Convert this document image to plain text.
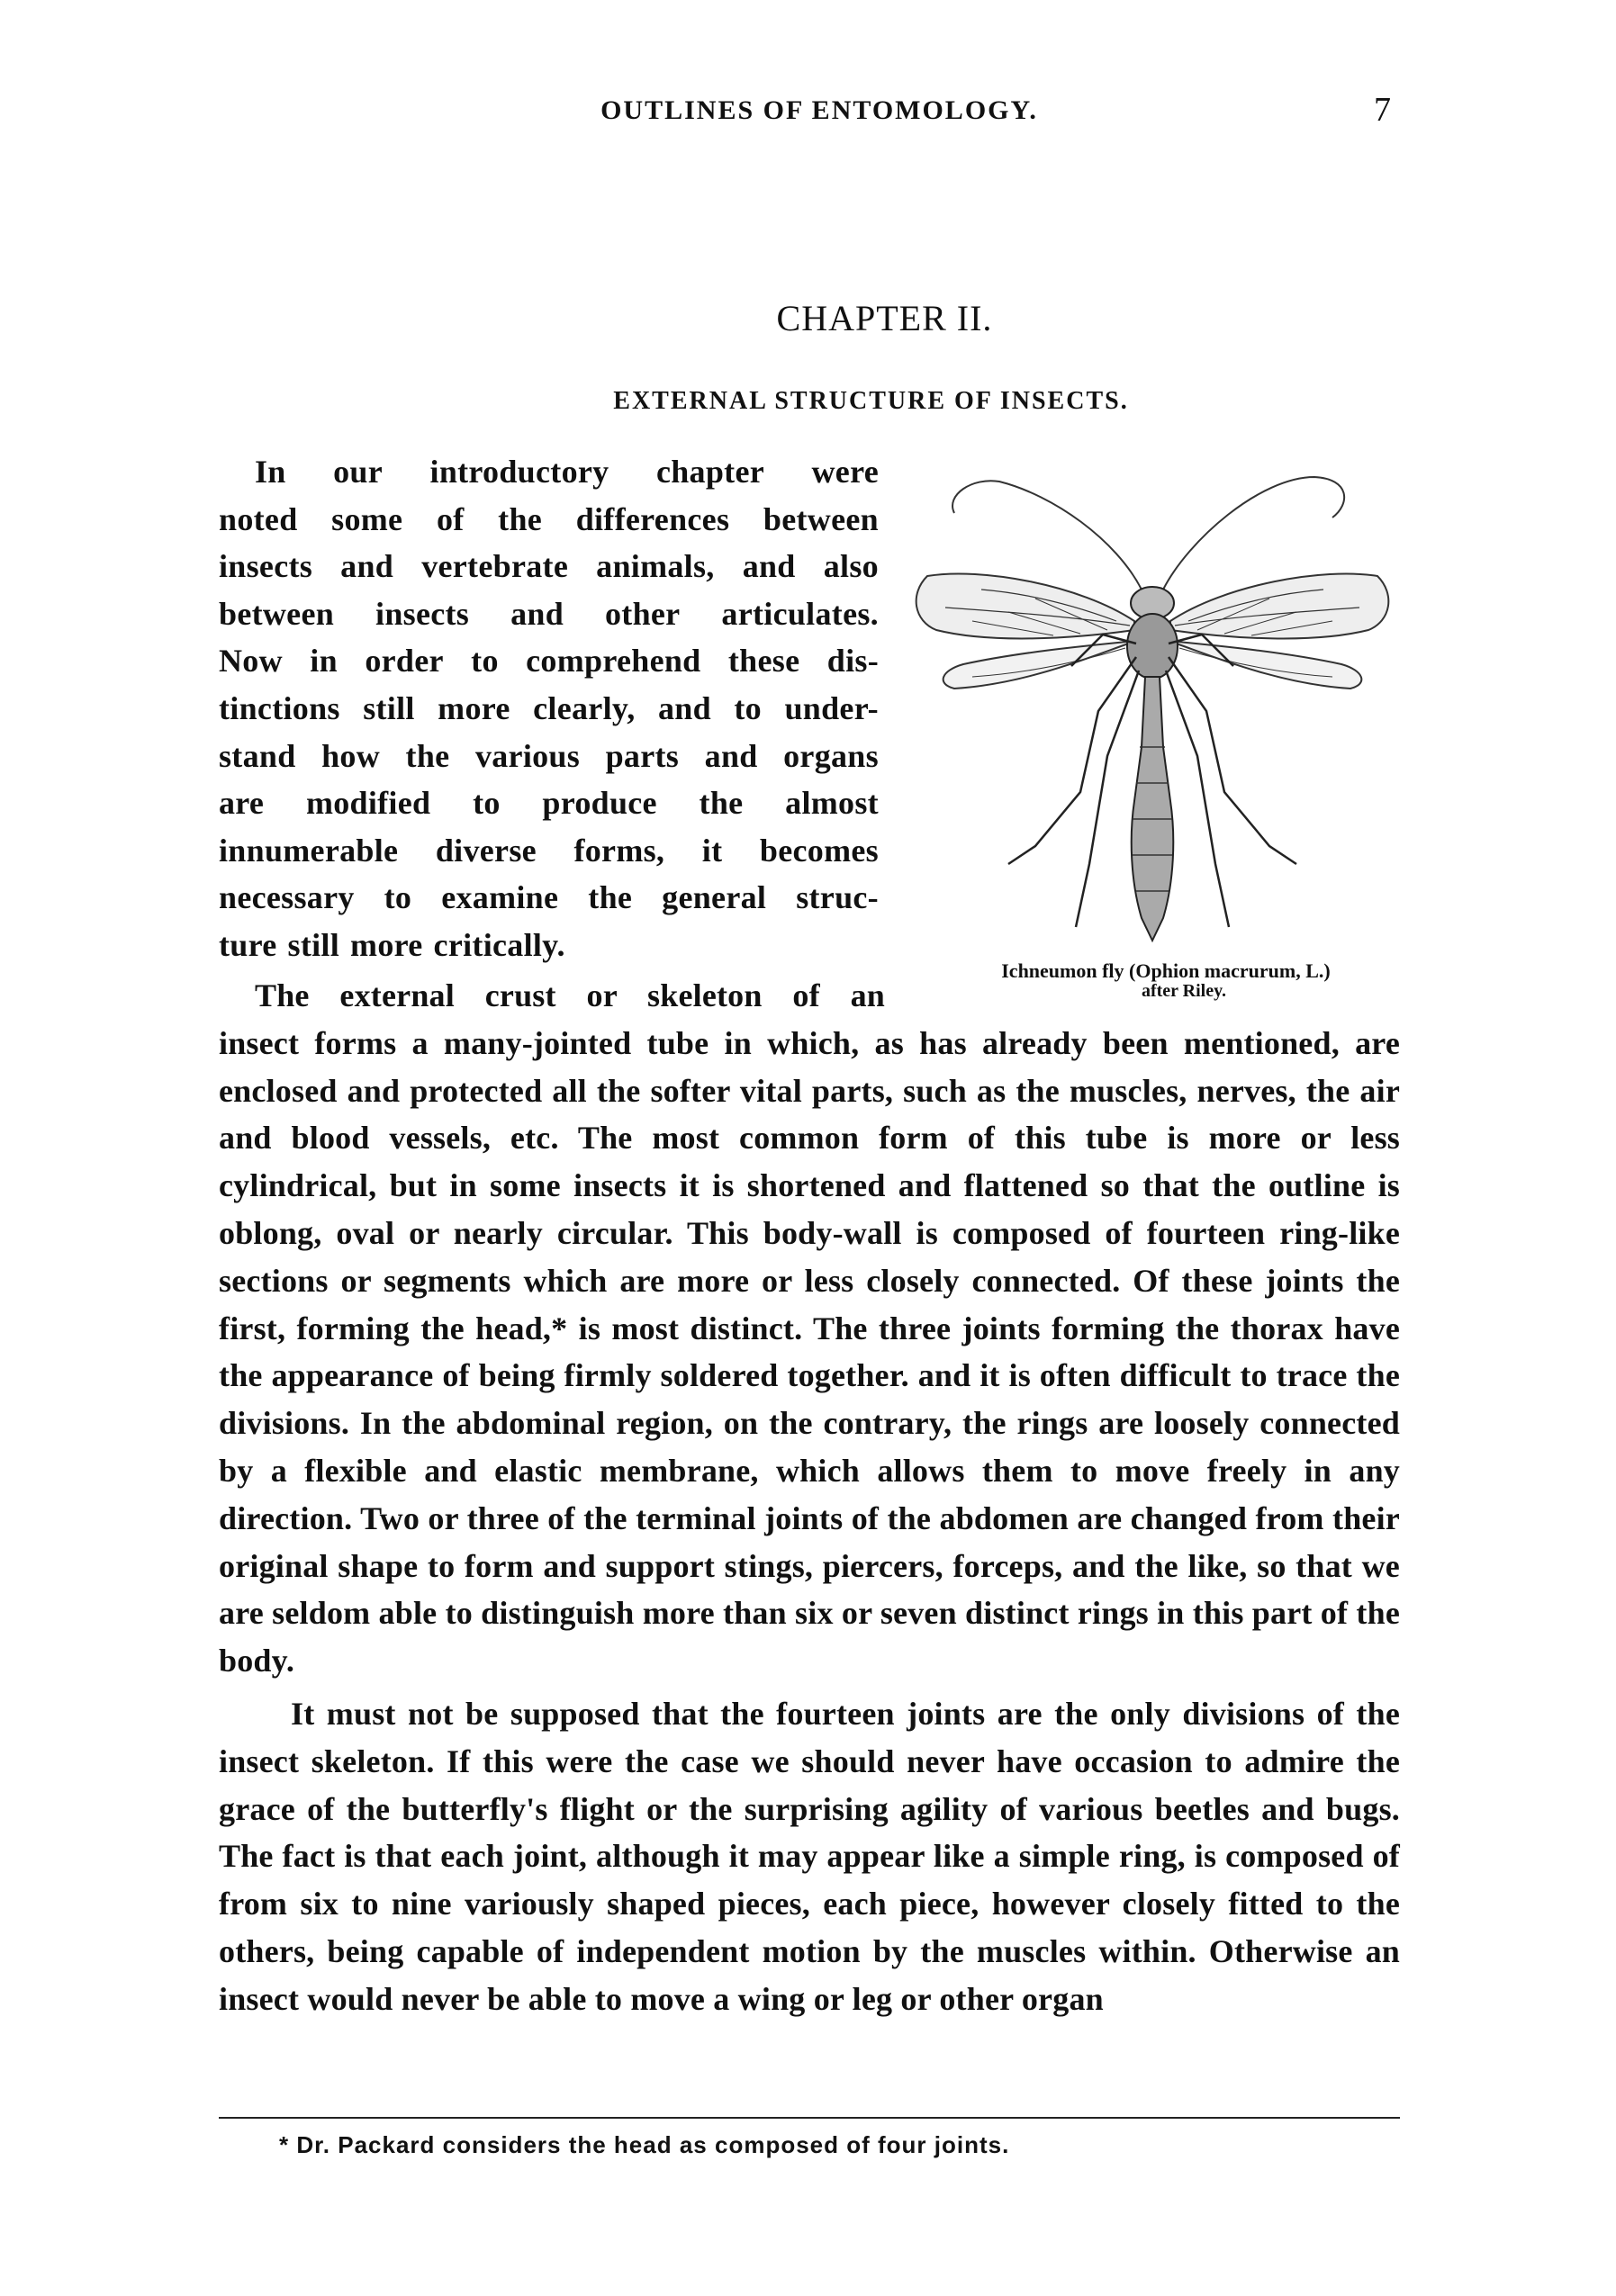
OUTLINES OF ENTOMOLOGY.	7
CHAPTER II.
EXTERNAL STRUCTURE OF INSECTS.
In our introductory chapter were
noted some of the differences between
insects and vertebrate animals, and also
between insects and other articulates.
Now in order to comprehend these dis-
tinctions still more clearly, and to under-
stand how the various parts and organs
are modified to produce the almost
innumerable diverse forms, it becomes
necessary to examine the general struc-
ture still more critically.
Ichneumon fly (Ophion macrurum, L.)
after Riley.
The external crust or skeleton of an

insect forms a many-jointed tube in which, as has already been mentioned, are enclosed and protected all the softer vital parts, such as the muscles, nerves, the air and blood vessels, etc. The most common form of this tube is more or less cylindrical, but in some insects it is shortened and flattened so that the outline is oblong, oval or nearly circular. This body-wall is composed of fourteen ring-like sections or segments which are more or less closely connected. Of these joints the first, forming the head,* is most distinct. The three joints forming the thorax have the appearance of being firmly soldered together. and it is often difficult to trace the divisions. In the abdominal region, on the contrary, the rings are loosely connected by a flexible and elastic membrane, which allows them to move freely in any direction. Two or three of the terminal joints of the abdomen are changed from their original shape to form and support stings, piercers, forceps, and the like, so that we are seldom able to distinguish more than six or seven distinct rings in this part of the body.

It must not be supposed that the fourteen joints are the only divisions of the insect skeleton. If this were the case we should never have occasion to admire the grace of the butterfly's flight or the surprising agility of various beetles and bugs. The fact is that each joint, although it may appear like a simple ring, is composed of from six to nine variously shaped pieces, each piece, however closely fitted to the others, being capable of independent motion by the muscles within. Otherwise an insect would never be able to move a wing or leg or other organ

* Dr. Packard considers the head as composed of four joints.
